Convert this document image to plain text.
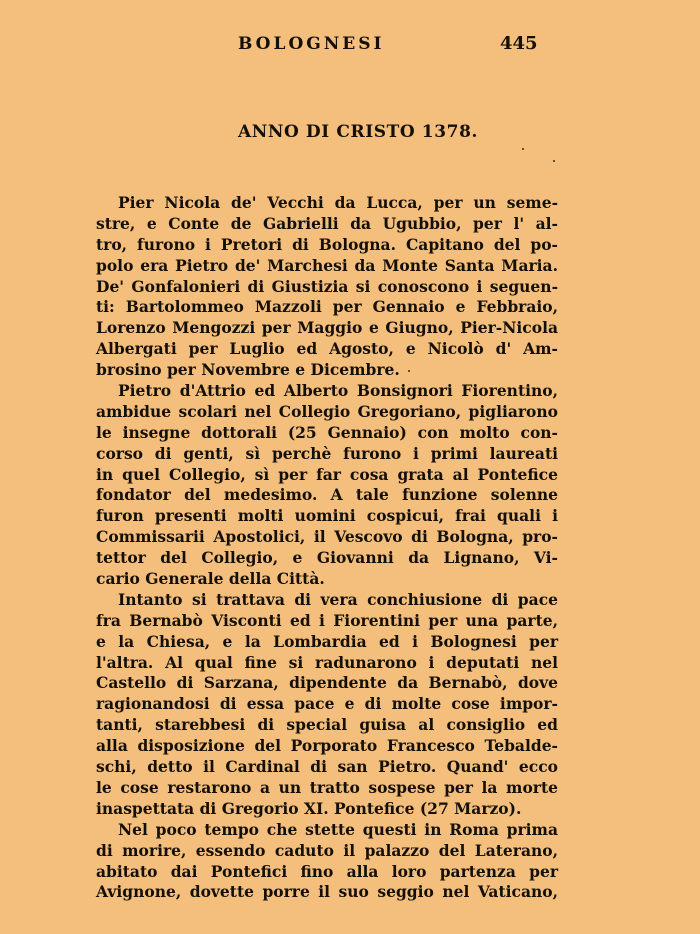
BOLOGNESI	445
ANNO DI CRISTO 1378.
Pier Nicola de' Vecchi da Lucca, per un seme-
stre, e Conte de Gabrielli da Ugubbio, per l' al-
tro, furono i Pretori di Bologna. Capitano del po-
polo era Pietro de' Marchesi da Monte Santa Maria.
De' Gonfalonieri di Giustizia si conoscono i seguen-
ti: Bartolommeo Mazzoli per Gennaio e Febbraio,
Lorenzo Mengozzi per Maggio e Giugno, Pier-Nicola
Albergati per Luglio ed Agosto, e Nicolò d' Am-
brosino per Novembre e Dicembre.
Pietro d'Attrio ed Alberto Bonsignori Fiorentino,
ambidue scolari nel Collegio Gregoriano, pigliarono
le insegne dottorali (25 Gennaio) con molto con-
corso di genti, sì perchè furono i primi laureati
in quel Collegio, sì per far cosa grata al Pontefice
fondator del medesimo. A tale funzione solenne
furon presenti molti uomini cospicui, frai quali i
Commissarii Apostolici, il Vescovo di Bologna, pro-
tettor del Collegio, e Giovanni da Lignano, Vi-
cario Generale della Città.
Intanto si trattava di vera conchiusione di pace
fra Bernabò Visconti ed i Fiorentini per una parte,
e la Chiesa, e la Lombardia ed i Bolognesi per
l'altra. Al qual fine si radunarono i deputati nel
Castello di Sarzana, dipendente da Bernabò, dove
ragionandosi di essa pace e di molte cose impor-
tanti, starebbesi di special guisa al consiglio ed
alla disposizione del Porporato Francesco Tebalde-
schi, detto il Cardinal di san Pietro. Quand' ecco
le cose restarono a un tratto sospese per la morte
inaspettata di Gregorio XI. Pontefice (27 Marzo).
Nel poco tempo che stette questi in Roma prima
di morire, essendo caduto il palazzo del Laterano,
abitato dai Pontefici fino alla loro partenza per
Avignone, dovette porre il suo seggio nel Vaticano,
